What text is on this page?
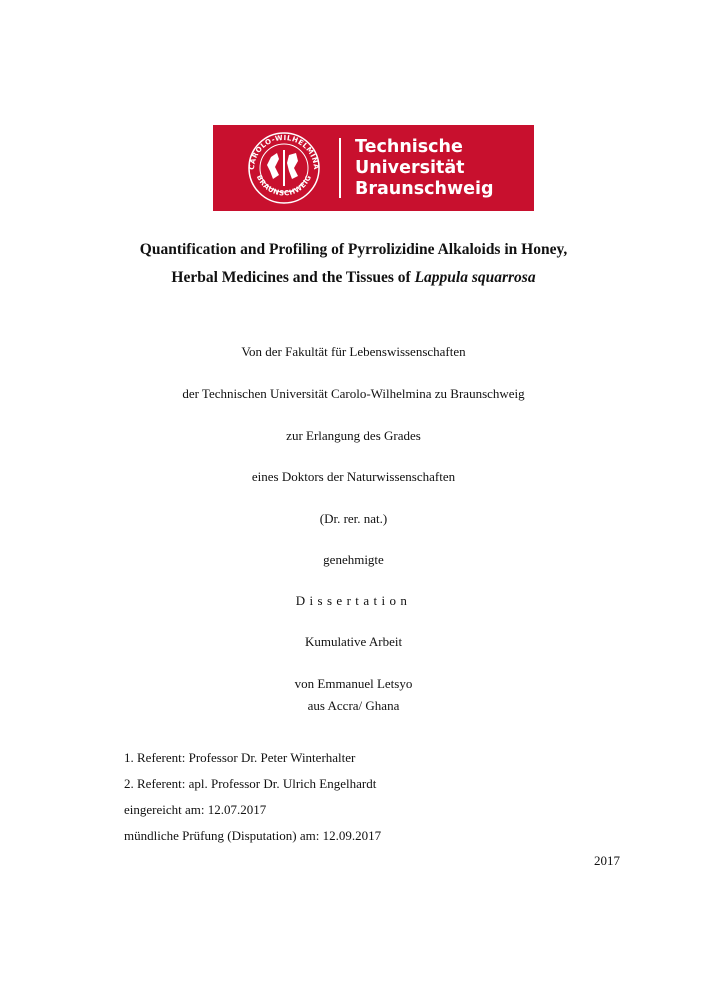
CAROLO-WILHELMINA
BRAUNSCHWEIG
Technische
Universität
Braunschweig
Quantification and Profiling of Pyrrolizidine Alkaloids in Honey,
Herbal Medicines and the Tissues of Lappula squarrosa
Von der Fakultät für Lebenswissenschaften
der Technischen Universität Carolo-Wilhelmina zu Braunschweig
zur Erlangung des Grades
eines Doktors der Naturwissenschaften
(Dr. rer. nat.)
genehmigte
Dissertation
Kumulative Arbeit
von Emmanuel Letsyo
aus Accra/ Ghana
1. Referent: Professor Dr. Peter Winterhalter
2. Referent: apl. Professor Dr. Ulrich Engelhardt
eingereicht am: 12.07.2017
mündliche Prüfung (Disputation) am: 12.09.2017
2017
